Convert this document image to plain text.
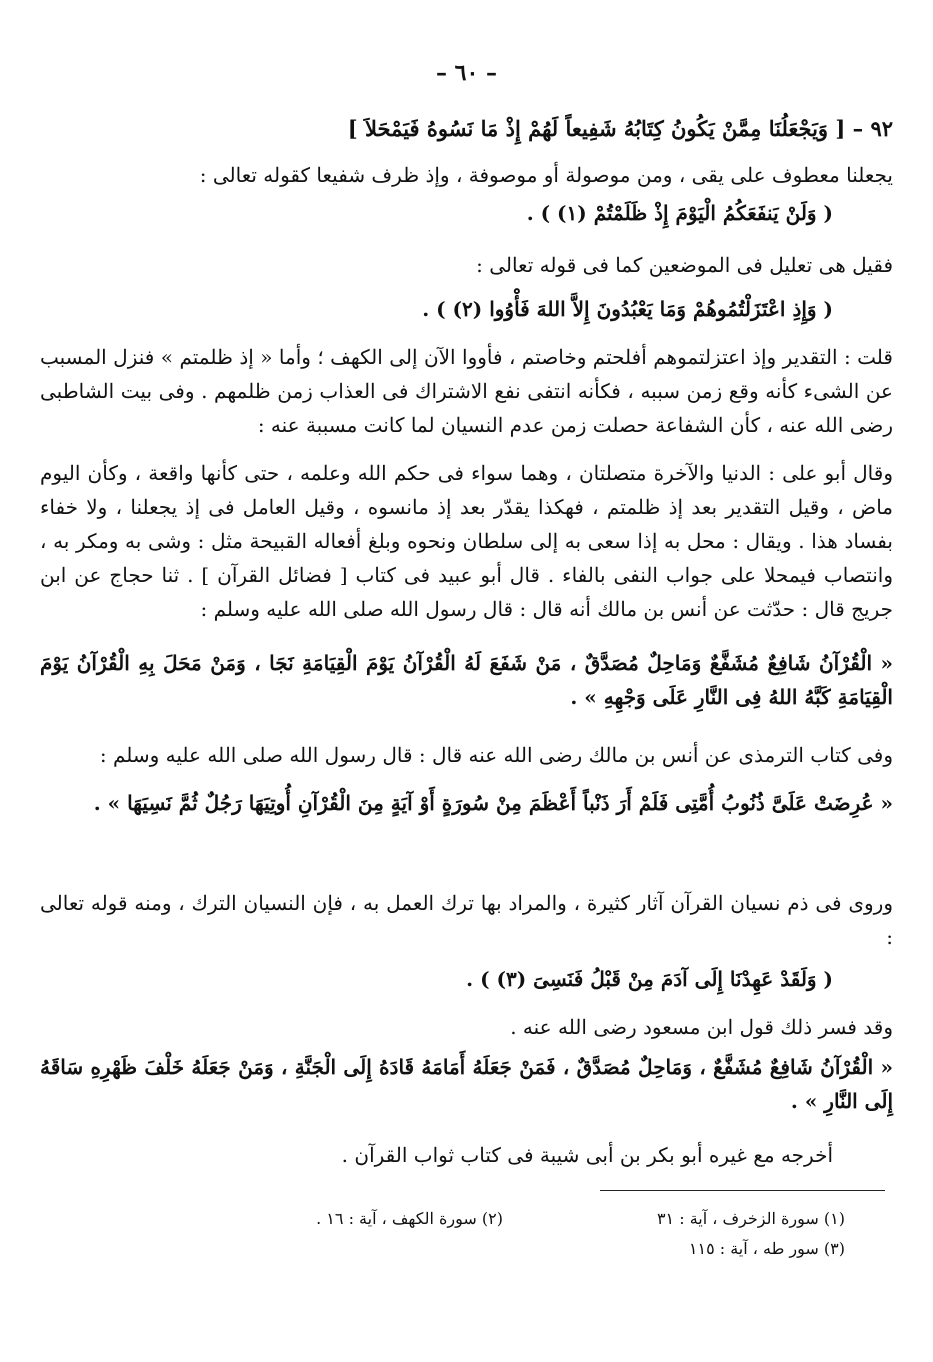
– ٦٠ –
٩٢ – [ وَيَجْعَلُنَا مِمَّنْ يَكُونُ كِتَابُهُ شَفِيعاً لَهُمْ إِذْ مَا نَسُوهُ فَيَمْحَلاَ ]
يجعلنا معطوف على يقى ، ومن موصولة أو موصوفة ، وإذ ظرف شفيعا كقوله تعالى :
( وَلَنْ يَنفَعَكُمُ الْيَوْمَ إِذْ ظَلَمْتُمْ (١) ) .
فقيل هى تعليل فى الموضعين كما فى قوله تعالى :
( وَإِذِ اعْتَزَلْتُمُوهُمْ وَمَا يَعْبُدُونَ إِلاَّ اللهَ فَأْوُوا (٢) ) .
قلت : التقدير وإذ اعتزلتموهم أفلحتم وخاصتم ، فأووا الآن إلى الكهف ؛ وأما « إذ ظلمتم » فنزل المسبب عن الشىء كأنه وقع زمن سببه ، فكأنه انتفى نفع الاشتراك فى العذاب زمن ظلمهم . وفى بيت الشاطبى رضى الله عنه ، كأن الشفاعة حصلت زمن عدم النسيان لما كانت مسببة عنه :
وقال أبو على : الدنيا والآخرة متصلتان ، وهما سواء فى حكم الله وعلمه ، حتى كأنها واقعة ، وكأن اليوم ماض ، وقيل التقدير بعد إذ ظلمتم ، فهكذا يقدّر بعد إذ مانسوه ، وقيل العامل فى إذ يجعلنا ، ولا خفاء بفساد هذا . ويقال : محل به إذا سعى به إلى سلطان ونحوه وبلغ أفعاله القبيحة مثل : وشى به ومكر به ، وانتصاب فيمحلا على جواب النفى بالفاء . قال أبو عبيد فى كتاب [ فضائل القرآن ] . ثنا حجاج عن ابن جريج قال : حدّثت عن أنس بن مالك أنه قال : قال رسول الله صلى الله عليه وسلم :
« الْقُرْآنُ شَافِعٌ مُشَفَّعٌ وَمَاحِلٌ مُصَدَّقٌ ، مَنْ شَفَعَ لَهُ الْقُرْآنُ يَوْمَ الْقِيَامَةِ نَجَا ، وَمَنْ مَحَلَ بِهِ الْقُرْآنُ يَوْمَ الْقِيَامَةِ كَبَّهُ اللهُ فِى النَّارِ عَلَى وَجْهِهِ » .
وفى كتاب الترمذى عن أنس بن مالك رضى الله عنه قال : قال رسول الله صلى الله عليه وسلم :
« عُرِضَتْ عَلَىَّ ذُنُوبُ أُمَّتِى فَلَمْ أَرَ ذَنْباً أَعْظَمَ مِنْ سُورَةٍ أَوْ آيَةٍ مِنَ الْقُرْآنِ أُوتِيَهَا رَجُلٌ ثُمَّ نَسِيَهَا » .
وروى فى ذم نسيان القرآن آثار كثيرة ، والمراد بها ترك العمل به ، فإن النسيان الترك ، ومنه قوله تعالى :
( وَلَقَدْ عَهِدْنَا إِلَى آدَمَ مِنْ قَبْلُ فَنَسِىَ (٣) ) .
وقد فسر ذلك قول ابن مسعود رضى الله عنه .
« الْقُرْآنُ شَافِعٌ مُشَفَّعٌ ، وَمَاحِلٌ مُصَدَّقٌ ، فَمَنْ جَعَلَهُ أَمَامَهُ قَادَهُ إِلَى الْجَنَّةِ ، وَمَنْ جَعَلَهُ خَلْفَ ظَهْرِهِ سَاقَهُ إِلَى النَّارِ » .
أخرجه مع غيره أبو بكر بن أبى شيبة فى كتاب ثواب القرآن .
(١) سورة الزخرف ، آية : ٣١
(٢) سورة الكهف ، آية : ١٦ .
(٣) سور طه ، آية : ١١٥
